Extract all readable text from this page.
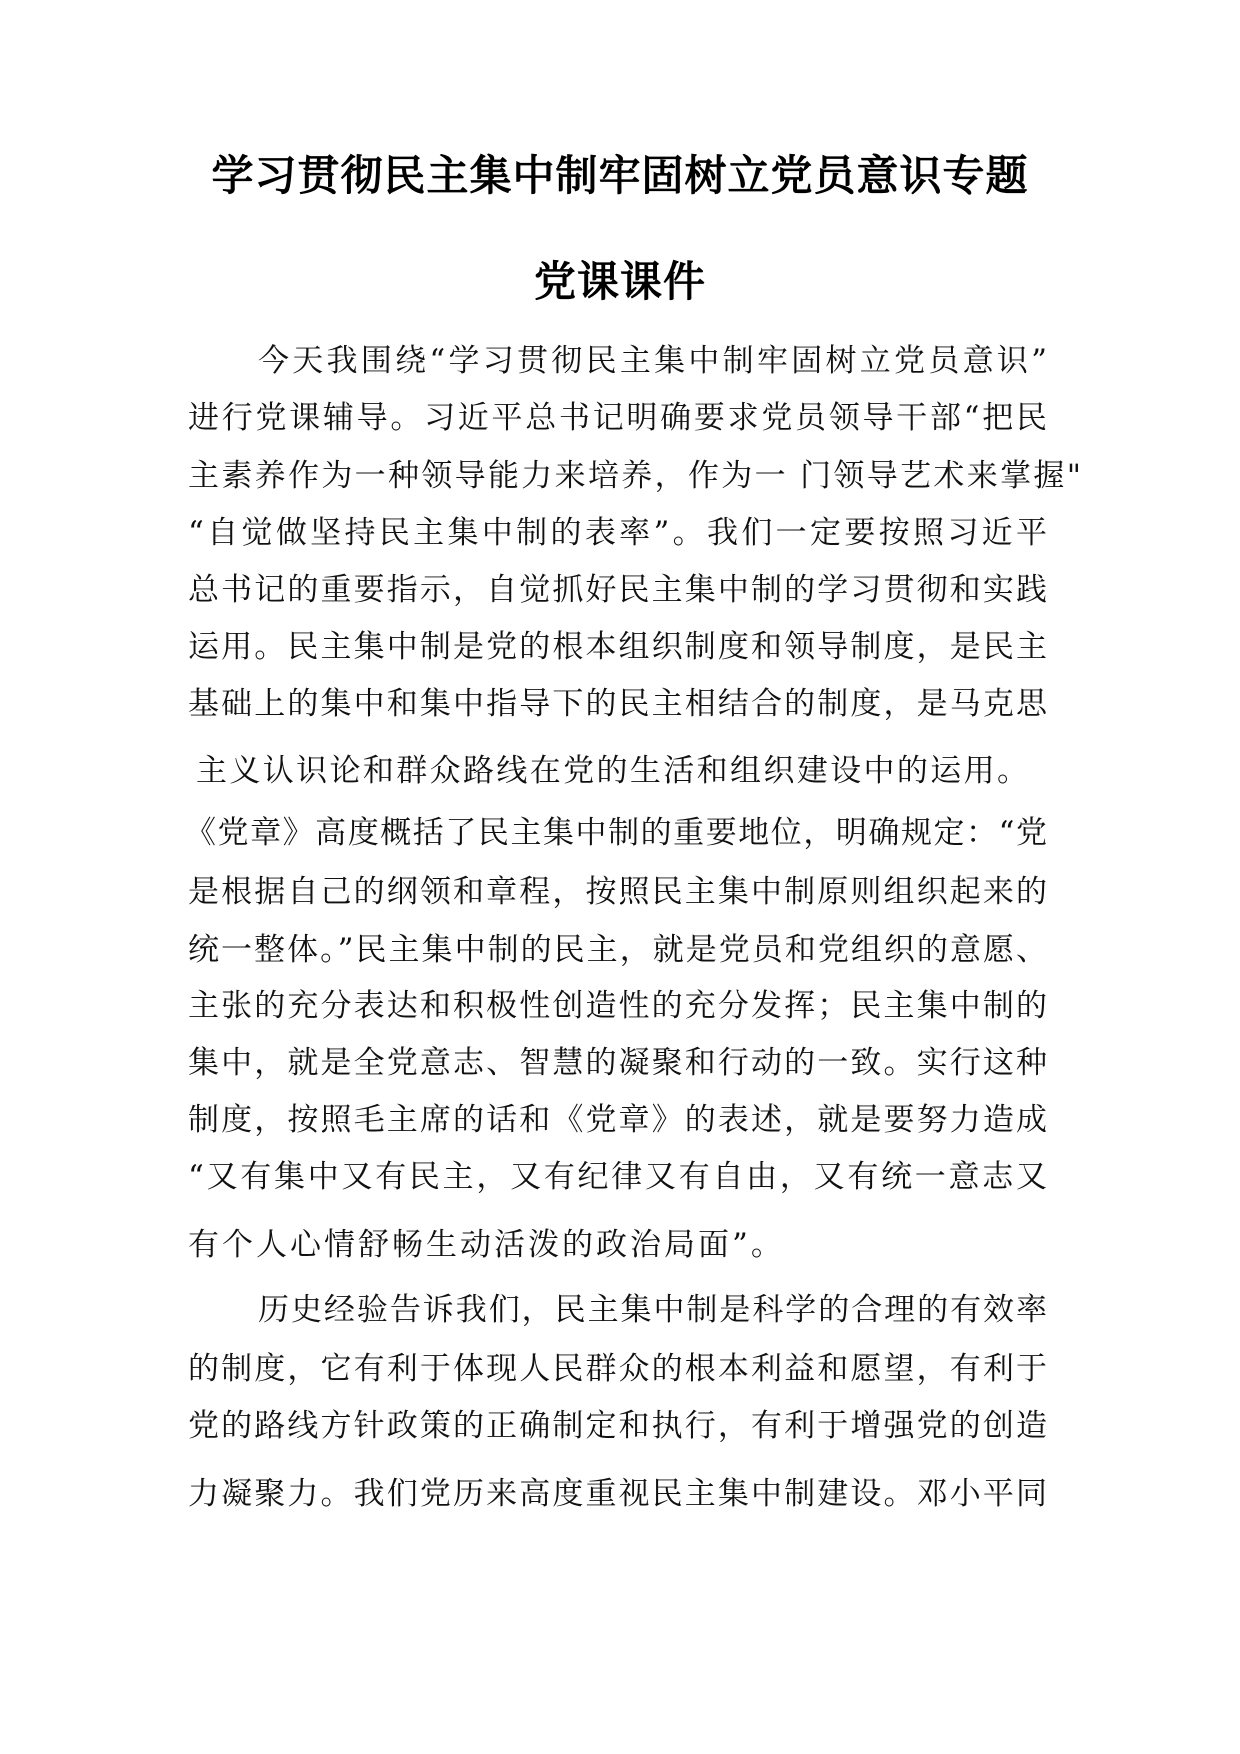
学习贯彻民主集中制牢固树立党员意识专题
党课课件
今天我围绕“学习贯彻民主集中制牢固树立党员意识”
进行党课辅导。习近平总书记明确要求党员领导干部“把民
主素养作为一种领导能力来培养，作为一 门领导艺术来掌握"
“自觉做坚持民主集中制的表率”。我们一定要按照习近平
总书记的重要指示，自觉抓好民主集中制的学习贯彻和实践
运用。民主集中制是党的根本组织制度和领导制度，是民主
基础上的集中和集中指导下的民主相结合的制度，是马克思
主义认识论和群众路线在党的生活和组织建设中的运用。
《党章》高度概括了民主集中制的重要地位，明确规定：“党
是根据自己的纲领和章程，按照民主集中制原则组织起来的
统一整体。”民主集中制的民主，就是党员和党组织的意愿、
主张的充分表达和积极性创造性的充分发挥；民主集中制的
集中，就是全党意志、智慧的凝聚和行动的一致。实行这种
制度，按照毛主席的话和《党章》的表述，就是要努力造成
“又有集中又有民主，又有纪律又有自由，又有统一意志又
有个人心情舒畅生动活泼的政治局面”。
历史经验告诉我们，民主集中制是科学的合理的有效率
的制度，它有利于体现人民群众的根本利益和愿望，有利于
党的路线方针政策的正确制定和执行，有利于增强党的创造
力凝聚力。我们党历来高度重视民主集中制建设。邓小平同
